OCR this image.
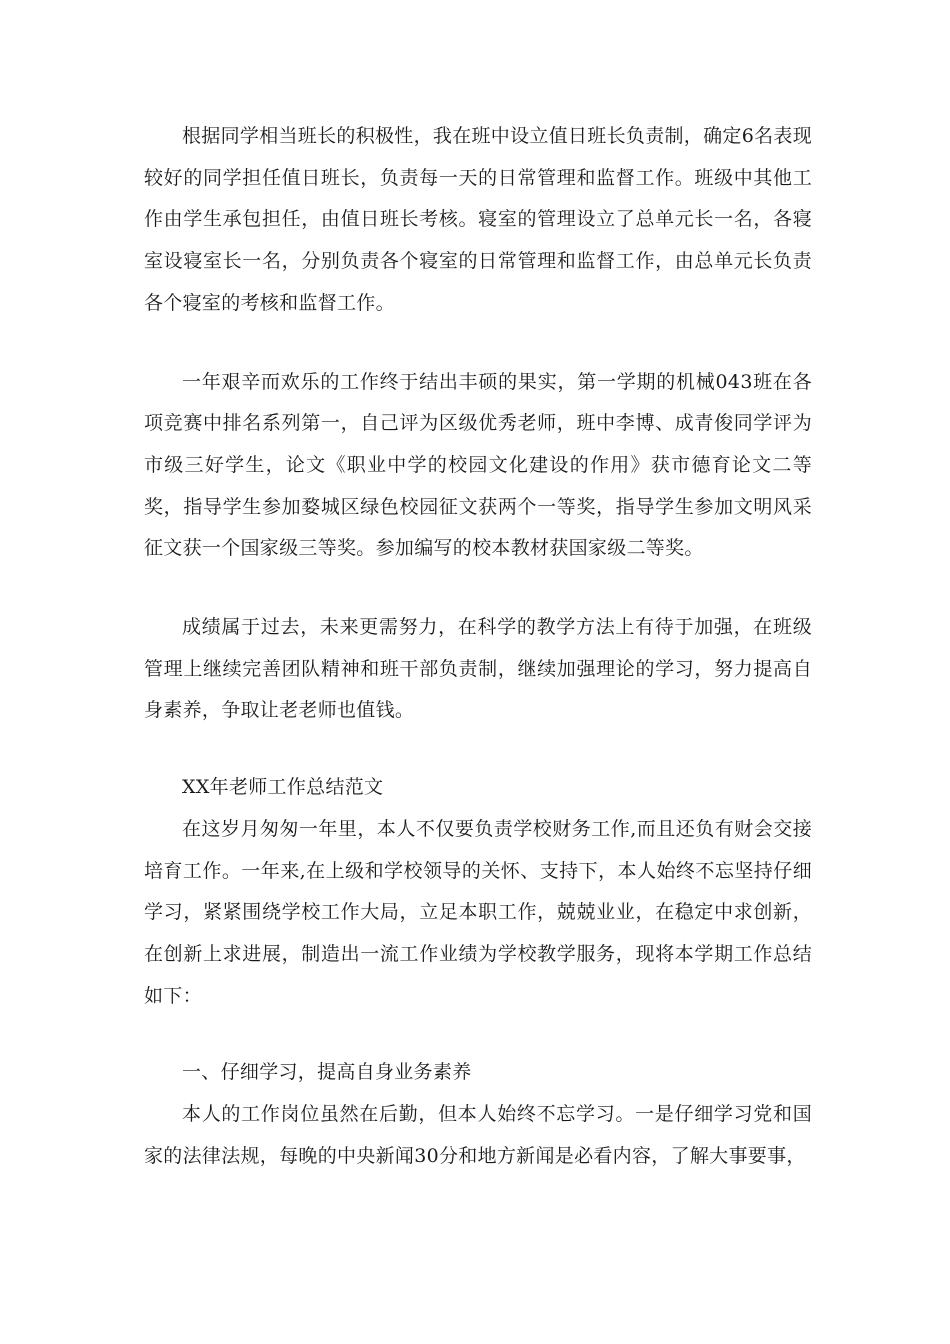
根据同学相当班长的积极性，我在班中设立值日班长负责制，确定6名表现较好的同学担任值日班长，负责每一天的日常管理和监督工作。班级中其他工作由学生承包担任，由值日班长考核。寝室的管理设立了总单元长一名，各寝室设寝室长一名，分别负责各个寝室的日常管理和监督工作，由总单元长负责各个寝室的考核和监督工作。

一年艰辛而欢乐的工作终于结出丰硕的果实，第一学期的机械043班在各项竞赛中排名系列第一，自己评为区级优秀老师，班中李博、成青俊同学评为市级三好学生，论文《职业中学的校园文化建设的作用》获市德育论文二等奖，指导学生参加婺城区绿色校园征文获两个一等奖，指导学生参加文明风采征文获一个国家级三等奖。参加编写的校本教材获国家级二等奖。

成绩属于过去，未来更需努力，在科学的教学方法上有待于加强，在班级管理上继续完善团队精神和班干部负责制，继续加强理论的学习，努力提高自身素养，争取让老老师也值钱。

XX年老师工作总结范文

在这岁月匆匆一年里，本人不仅要负责学校财务工作,而且还负有财会交接培育工作。一年来,在上级和学校领导的关怀、支持下，本人始终不忘坚持仔细学习，紧紧围绕学校工作大局，立足本职工作，兢兢业业，在稳定中求创新，在创新上求进展，制造出一流工作业绩为学校教学服务，现将本学期工作总结如下：

一、仔细学习，提高自身业务素养

本人的工作岗位虽然在后勤，但本人始终不忘学习。一是仔细学习党和国家的法律法规，每晚的中央新闻30分和地方新闻是必看内容，了解大事要事，
